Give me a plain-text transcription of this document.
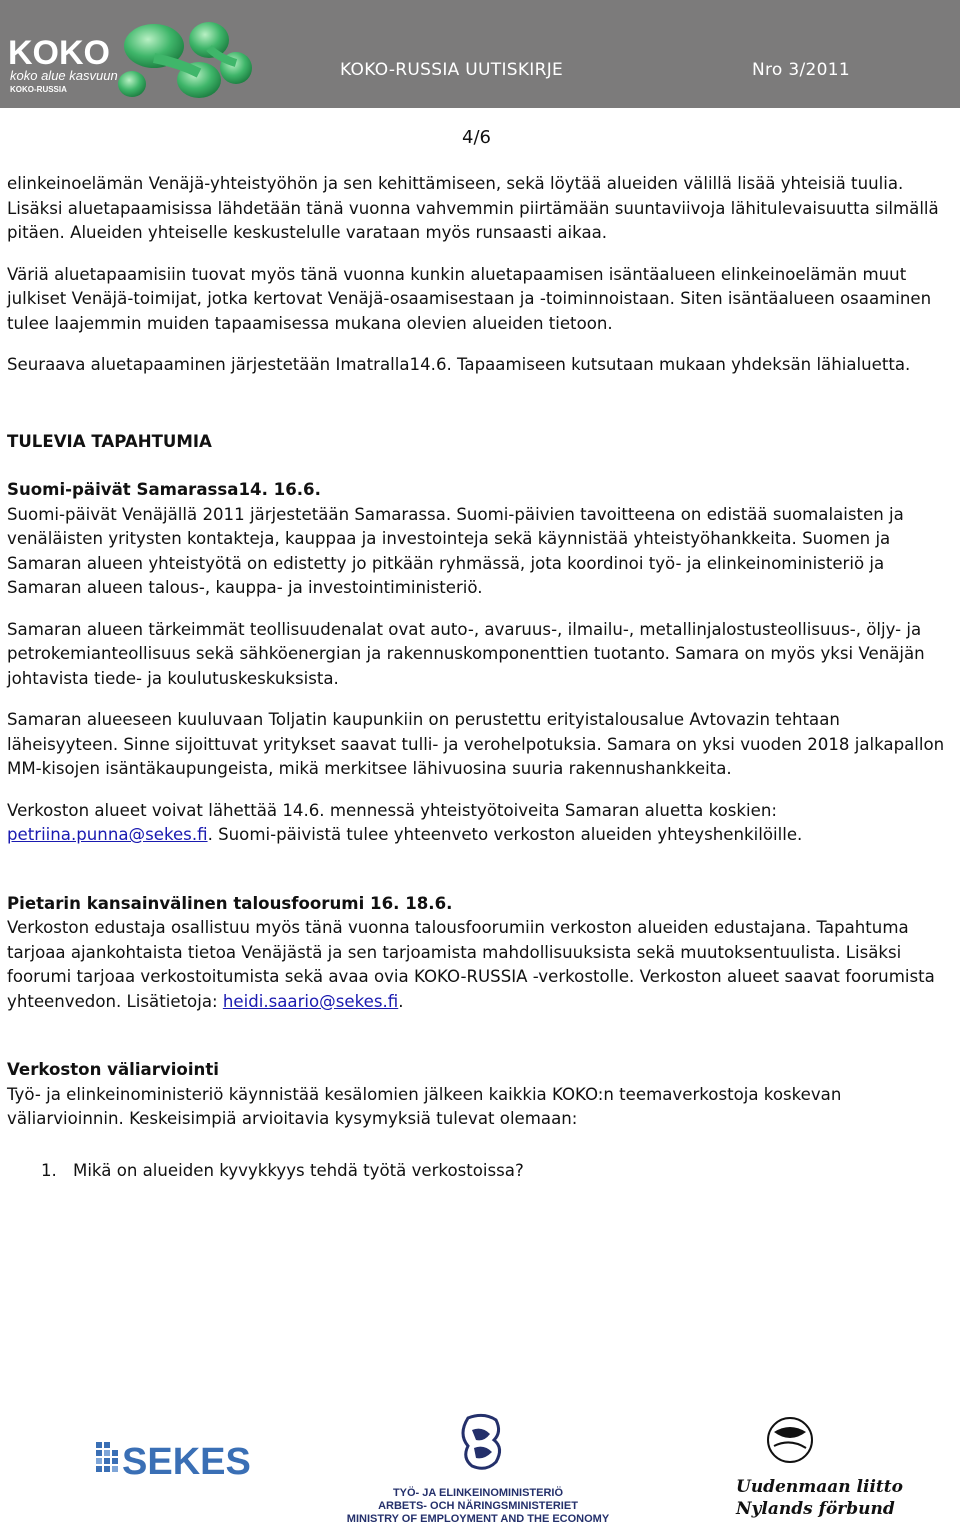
KOKO
koko alue kasvuun
KOKO-RUSSIA
KOKO-RUSSIA UUTISKIRJE	Nro 3/2011
4/6

elinkeinoelämän Venäjä-yhteistyöhön ja sen kehittämiseen, sekä löytää alueiden välillä lisää yhteisiä tuulia. Lisäksi aluetapaamisissa lähdetään tänä vuonna vahvemmin piirtämään suuntaviivoja lähitulevaisuutta silmällä pitäen. Alueiden yhteiselle keskustelulle varataan myös runsaasti aikaa.

Väriä aluetapaamisiin tuovat myös tänä vuonna kunkin aluetapaamisen isäntäalueen elinkeinoelämän muut julkiset Venäjä-toimijat, jotka kertovat Venäjä-osaamisestaan ja -toiminnoistaan. Siten isäntäalueen osaaminen tulee laajemmin muiden tapaamisessa mukana olevien alueiden tietoon.

Seuraava aluetapaaminen järjestetään Imatralla14.6. Tapaamiseen kutsutaan mukaan yhdeksän lähialuetta.

TULEVIA TAPAHTUMIA
Suomi-päivät Samarassa14. 16.6.

Suomi-päivät Venäjällä 2011 järjestetään Samarassa. Suomi-päivien tavoitteena on edistää suomalaisten ja venäläisten yritysten kontakteja, kauppaa ja investointeja sekä käynnistää yhteistyöhankkeita. Suomen ja Samaran alueen yhteistyötä on edistetty jo pitkään ryhmässä, jota koordinoi työ- ja elinkeinoministeriö ja Samaran alueen talous-, kauppa- ja investointiministeriö.

Samaran alueen tärkeimmät teollisuudenalat ovat auto-, avaruus-, ilmailu-, metallinjalostusteollisuus-, öljy- ja petrokemianteollisuus sekä sähköenergian ja rakennuskomponenttien tuotanto. Samara on myös yksi Venäjän johtavista tiede- ja koulutuskeskuksista.

Samaran alueeseen kuuluvaan Toljatin kaupunkiin on perustettu erityistalousalue Avtovazin tehtaan läheisyyteen. Sinne sijoittuvat yritykset saavat tulli- ja verohelpotuksia. Samara on yksi vuoden 2018 jalkapallon MM-kisojen isäntäkaupungeista, mikä merkitsee lähivuosina suuria rakennushankkeita.

Verkoston alueet voivat lähettää 14.6. mennessä yhteistyötoiveita Samaran aluetta koskien: petriina.punna@sekes.fi. Suomi-päivistä tulee yhteenveto verkoston alueiden yhteyshenkilöille.

Pietarin kansainvälinen talousfoorumi 16. 18.6.

Verkoston edustaja osallistuu myös tänä vuonna talousfoorumiin verkoston alueiden edustajana. Tapahtuma tarjoaa ajankohtaista tietoa Venäjästä ja sen tarjoamista mahdollisuuksista sekä muutoksentuulista. Lisäksi foorumi tarjoaa verkostoitumista sekä avaa ovia KOKO-RUSSIA -verkostolle. Verkoston alueet saavat foorumista yhteenvedon. Lisätietoja: heidi.saario@sekes.fi.

Verkoston väliarviointi

Työ- ja elinkeinoministeriö käynnistää kesälomien jälkeen kaikkia KOKO:n teemaverkostoja koskevan väliarvioinnin. Keskeisimpiä arvioitavia kysymyksiä tulevat olemaan:

1. Mikä on alueiden kyvykkyys tehdä työtä verkostoissa?
SEKES
TYÖ- JA ELINKEINOMINISTERIÖ
ARBETS- OCH NÄRINGSMINISTERIET
MINISTRY OF EMPLOYMENT AND THE ECONOMY
Uudenmaan liitto
Nylands förbund
